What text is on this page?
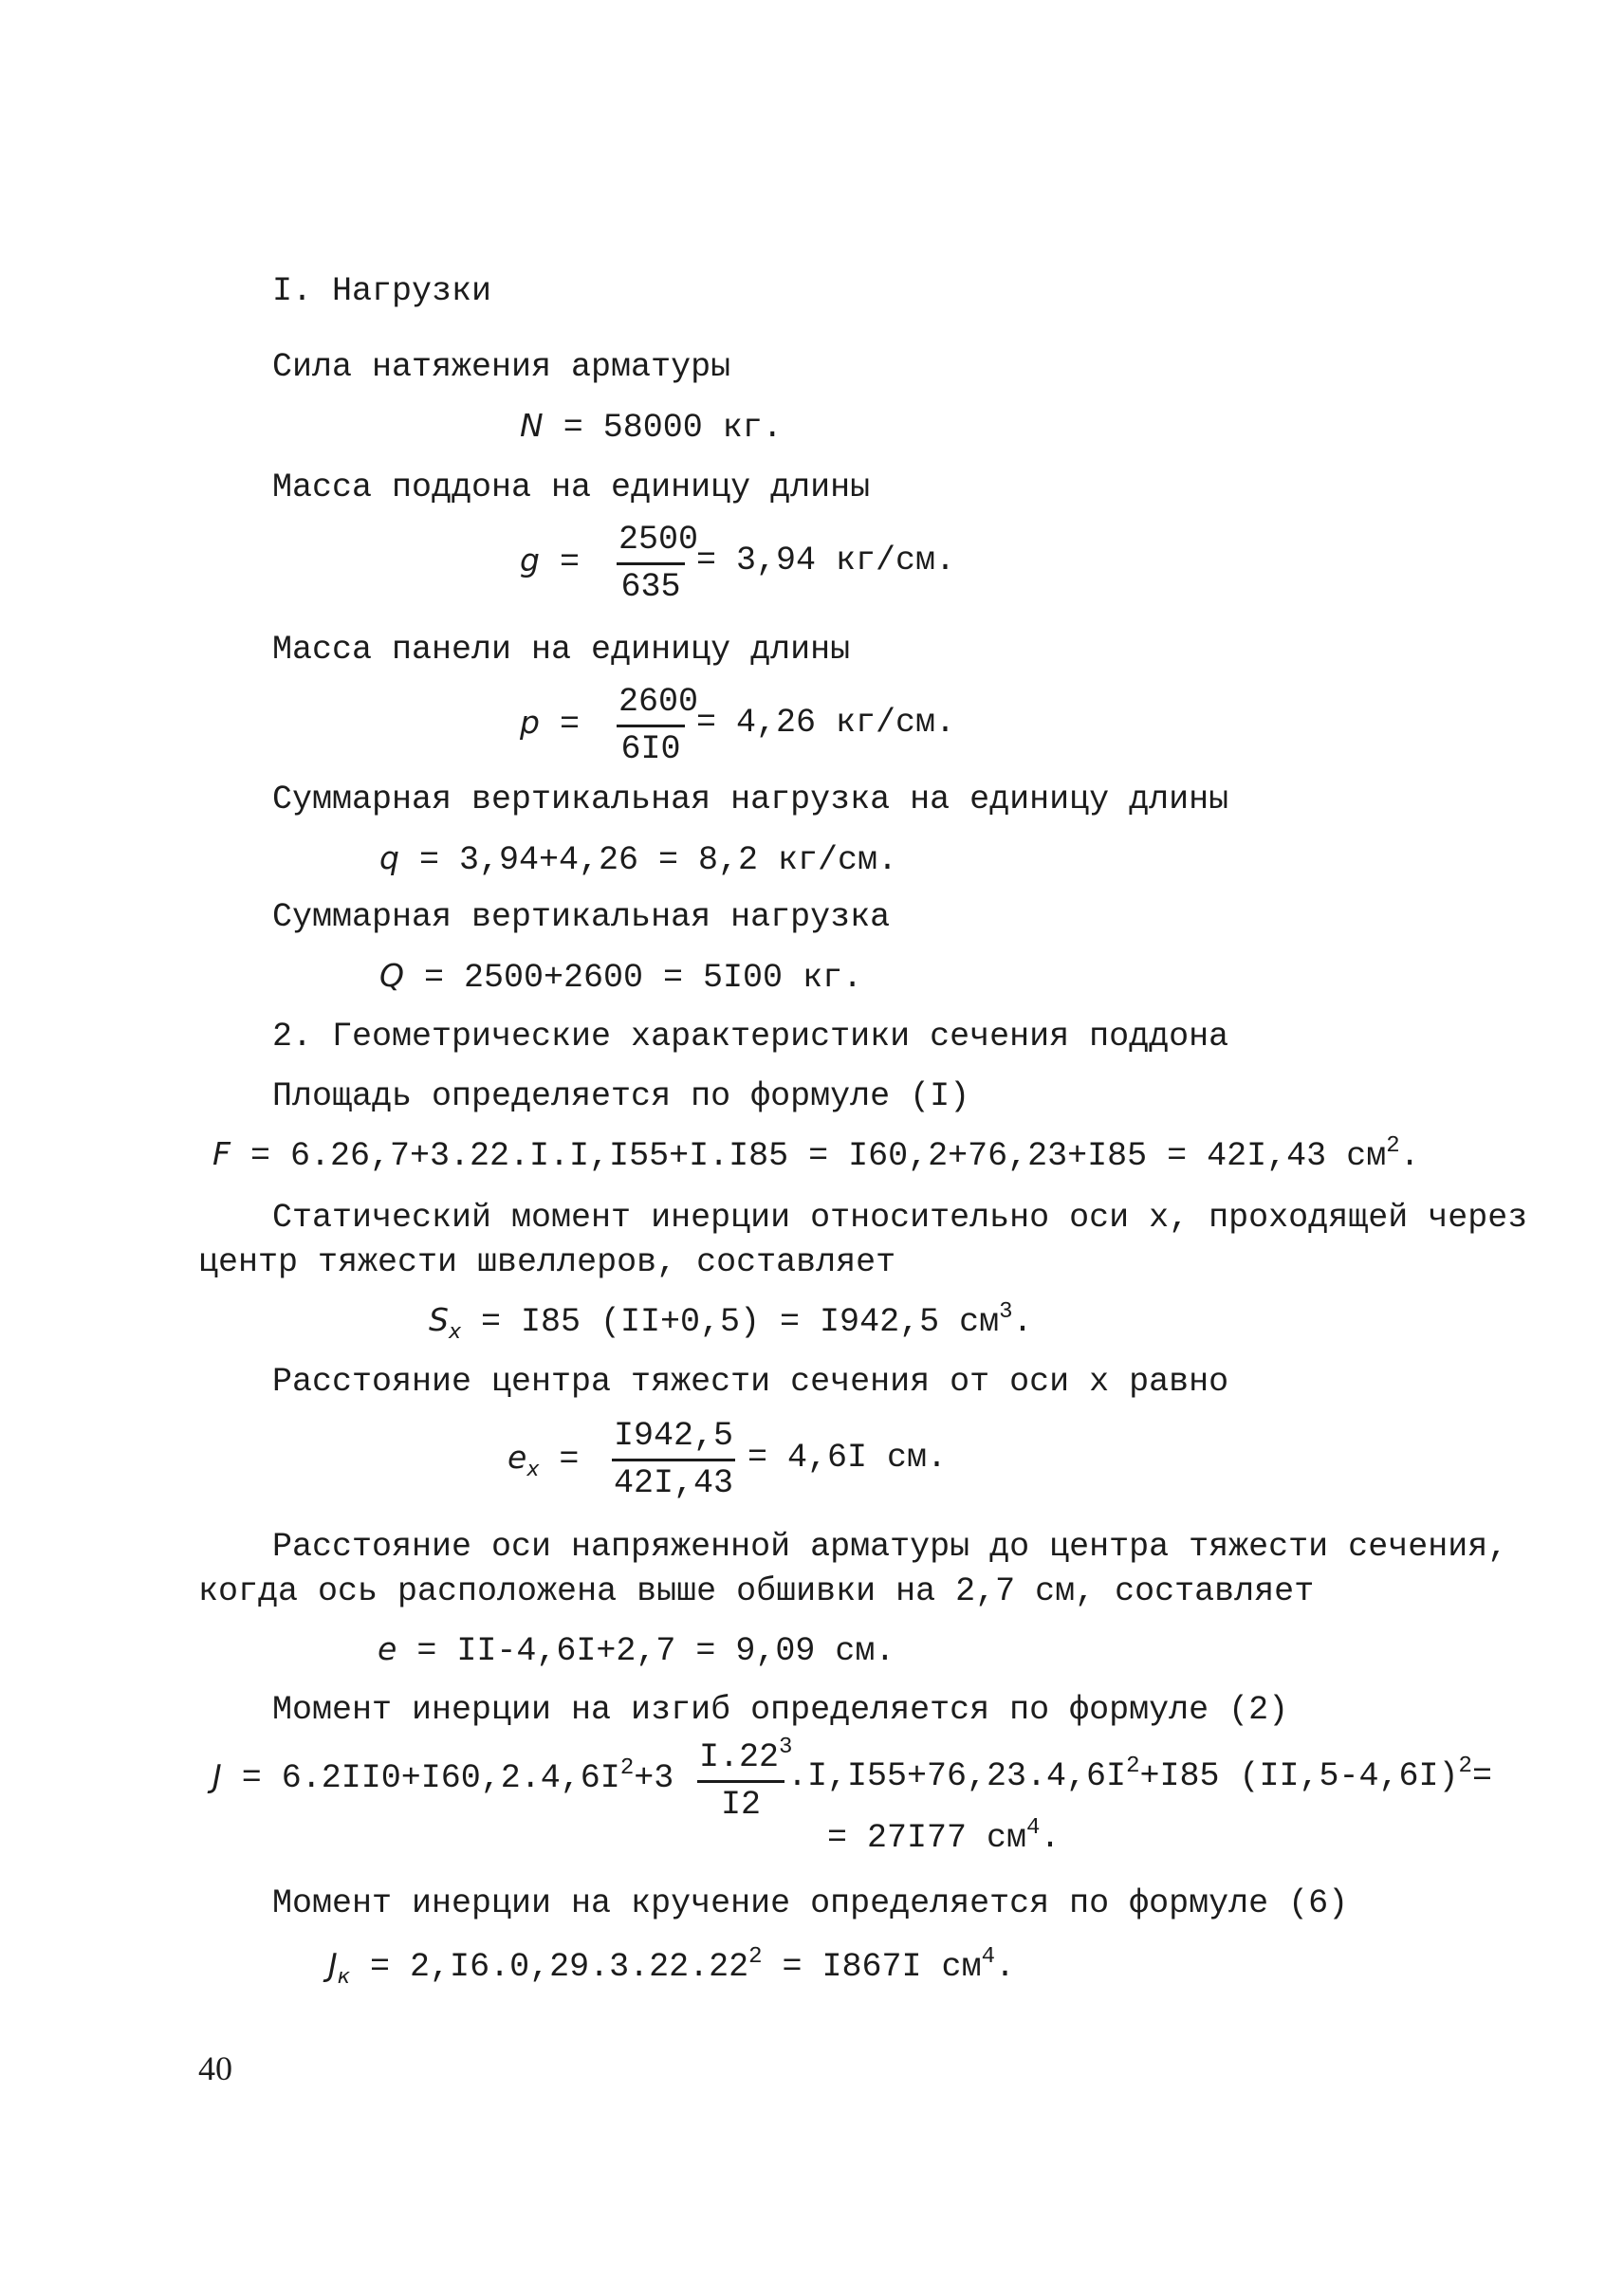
I. Нагрузки
Сила натяжения арматуры
N = 58000 кг.
Масса поддона на единицу длины
$g = \frac{2500}{635} = 3,94$ кг/см.
Масса панели на единицу длины
$p = \frac{2600}{6I0} = 4,26$ кг/см.
Суммарная вертикальная нагрузка на единицу длины
q = 3,94+4,26 = 8,2 кг/см.
Суммарная вертикальная нагрузка
Q = 2500+2600 = 5I00 кг.
2. Геометрические характеристики сечения поддона
Площадь определяется по формуле (I)
F = 6.26,7+3.22.I.I,I55+I.I85 = I60,2+76,23+I85 = 42I,43 $см^2$.
Статический момент инерции относительно оси x, проходящей через
центр тяжести швеллеров, составляет
$S_x = I85$ (II+0,5) = I942,5 $см^3$.
Расстояние центра тяжести сечения от оси x равно
$e_x = \frac{I942,5}{42I,43} = 4,6I$ см.
Расстояние оси напряженной арматуры до центра тяжести сечения,
когда ось расположена выше обшивки на 2,7 см, составляет
e = II-4,6I+2,7 = 9,09 см.
Момент инерции на изгиб определяется по формуле (2)
$J = 6.2II0+I60,2.4,6I^2+3 \frac{I.22^3}{I2} .I,I55+76,23.4,6I^2+I85$ $(II,5-4,6I)^2=$
= 27I77 $см^4$.
Момент инерции на кручение определяется по формуле (6)
$J_к = 2,I6.0,29.3.22.22^2 = I867I$ $см^4$.
40
